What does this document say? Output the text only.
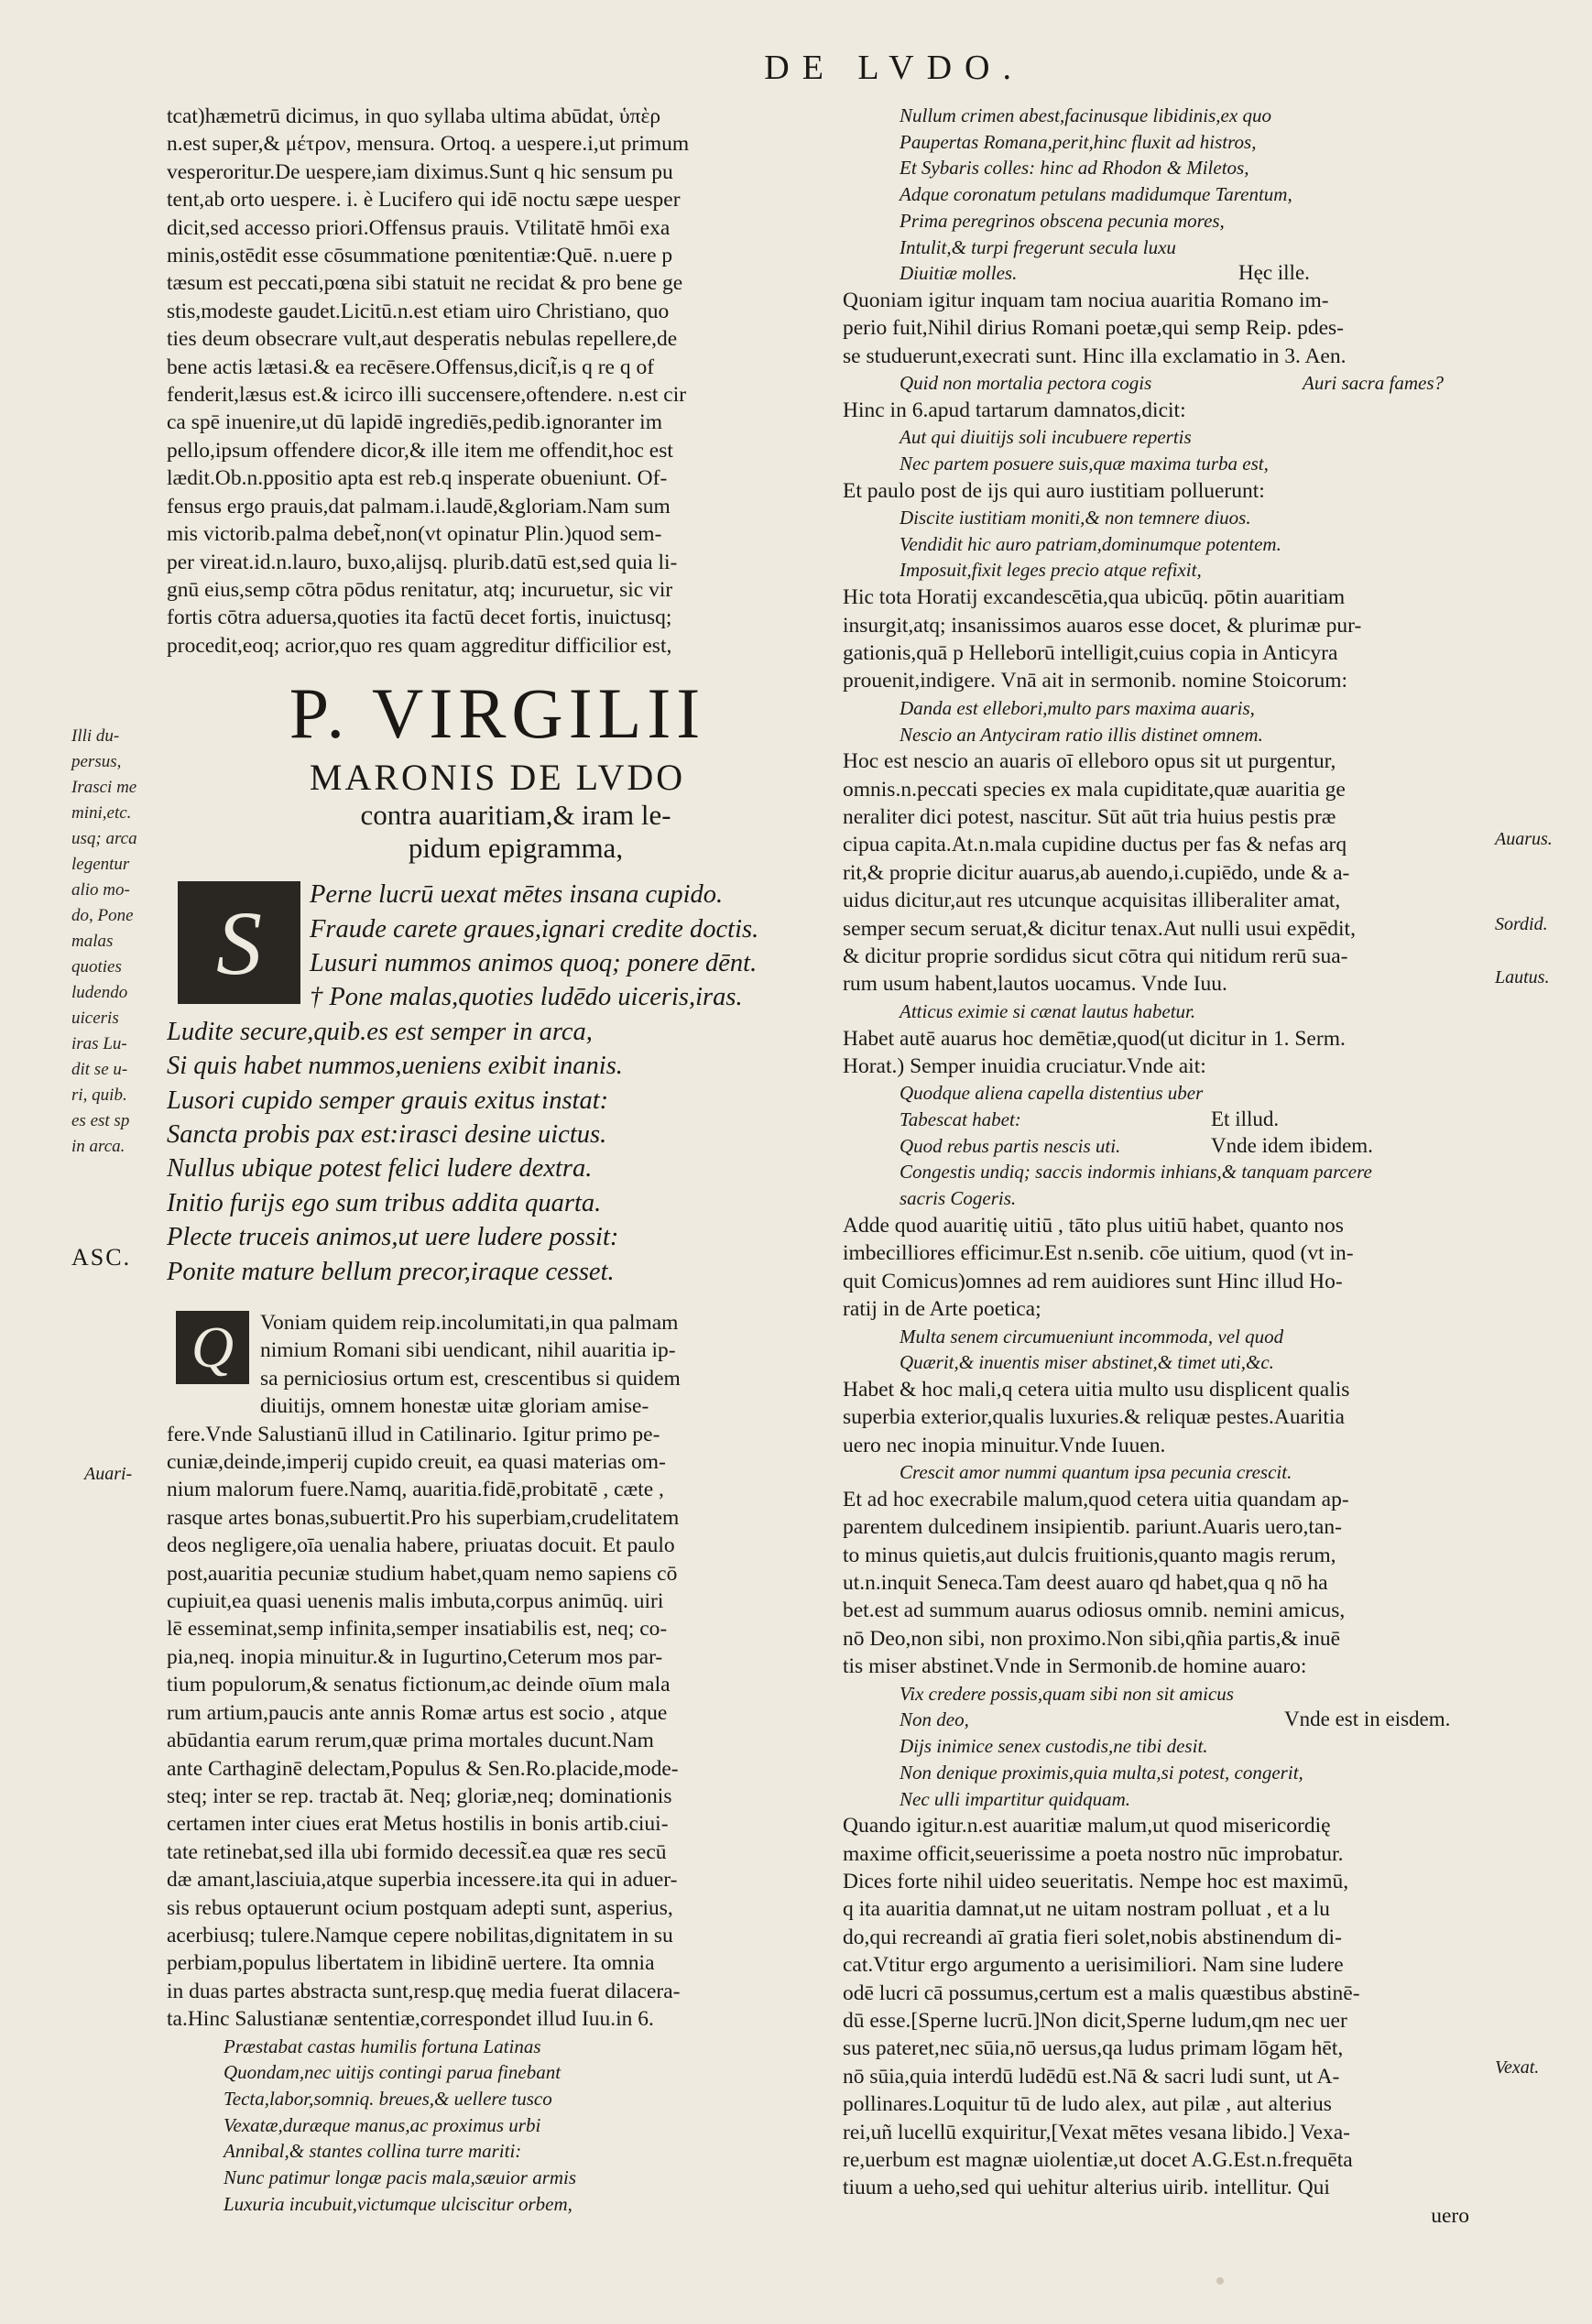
DE LVDO.
Illi du-
persus,
Irasci me
mini,etc.
usq; arca
legentur
alio mo-
do, Pone
malas
quoties
ludendo
uiceris
iras Lu-
dit se u-
ri, quib.
es est sp
in arca.
ASC.
Auari-
Auarus.
Sordid.
Lautus.
Vexat.
tcat)hæmetrū dicimus, in quo syllaba ultima abūdat, ὑπὲρ
n.est super,& μέτρον, mensura. Ortoq. a uespere.i,ut primum
vesperoritur.De uespere,iam diximus.Sunt q hic sensum pu
tent,ab orto uespere. i. è Lucifero qui idē noctu sæpe uesper
dicit,sed accesso priori.Offensus prauis. Vtilitatē hmōi exa
minis,ostēdit esse cōsummatione pœnitentiæ:Quē. n.uere p
tæsum est peccati,pœna sibi statuit ne recidat & pro bene ge
stis,modeste gaudet.Licitū.n.est etiam uiro Christiano, quo
ties deum obsecrare vult,aut desperatis nebulas repellere,de
bene actis lætasi.& ea recēsere.Offensus,dicit̃,is q re q of
fenderit,læsus est.& icirco illi succensere,oftendere. n.est cir
ca spē inuenire,ut dū lapidē ingrediēs,pedib.ignoranter im
pello,ipsum offendere dicor,& ille item me offendit,hoc est
lædit.Ob.n.ppositio apta est reb.q insperate obueniunt. Of-
fensus ergo prauis,dat palmam.i.laudē,&gloriam.Nam sum
mis victorib.palma debet̃,non(vt opinatur Plin.)quod sem-
per vireat.id.n.lauro, buxo,alijsq. plurib.datū est,sed quia li-
gnū eius,semp cōtra pōdus renitatur, atq; incuruetur, sic vir
fortis cōtra aduersa,quoties ita factū decet fortis, inuictusq;
procedit,eoq; acrior,quo res quam aggreditur difficilior est,
P. VIRGILII
MARONIS DE LVDO
contra auaritiam,& iram le-
pidum epigramma,
S	Perne lucrū uexat mētes insana cupido.
Fraude carete graues,ignari credite doctis.
Lusuri nummos animos quoq; ponere dēnt.
† Pone malas,quoties ludēdo uiceris,iras.
Ludite secure,quib.es est semper in arca,
Si quis habet nummos,ueniens exibit inanis.
Lusori cupido semper grauis exitus instat:
Sancta probis pax est:irasci desine uictus.
Nullus ubique potest felici ludere dextra.
Initio furijs ego sum tribus addita quarta.
Plecte truceis animos,ut uere ludere possit:
Ponite mature bellum precor,iraque cesset.
Q	Voniam quidem reip.incolumitati,in qua palmam
nimium Romani sibi uendicant, nihil auaritia ip-
sa perniciosius ortum est, crescentibus si quidem
diuitijs, omnem honestæ uitæ gloriam amise-
fere.Vnde Salustianū illud in Catilinario. Igitur primo pe-
cuniæ,deinde,imperij cupido creuit, ea quasi materias om-
nium malorum fuere.Namq, auaritia.fidē,probitatē , cæte ,
rasque artes bonas,subuertit.Pro his superbiam,crudelitatem
deos negligere,oīa uenalia habere, priuatas docuit. Et paulo
post,auaritia pecuniæ studium habet,quam nemo sapiens cō
cupiuit,ea quasi uenenis malis imbuta,corpus animūq. uiri
lē esseminat,semp infinita,semper insatiabilis est, neq; co-
pia,neq. inopia minuitur.& in Iugurtino,Ceterum mos par-
tium populorum,& senatus fictionum,ac deinde oīum mala
rum artium,paucis ante annis Romæ artus est socio , atque
abūdantia earum rerum,quæ prima mortales ducunt.Nam
ante Carthaginē delectam,Populus & Sen.Ro.placide,mode-
steq; inter se rep. tractab āt. Neq; gloriæ,neq; dominationis
certamen inter ciues erat Metus hostilis in bonis artib.ciui-
tate retinebat,sed illa ubi formido decessit̃.ea quæ res secū
dæ amant,lasciuia,atque superbia incessere.ita qui in aduer-
sis rebus optauerunt ocium postquam adepti sunt, asperius,
acerbiusq; tulere.Namque cepere nobilitas,dignitatem in su
perbiam,populus libertatem in libidinē uertere. Ita omnia
in duas partes abstracta sunt,resp.quę media fuerat dilacera-
ta.Hinc Salustianæ sententiæ,correspondet illud Iuu.in 6.
Præstabat castas humilis fortuna Latinas
Quondam,nec uitijs contingi parua finebant
Tecta,labor,somniq. breues,& uellere tusco
Vexatæ,duræque manus,ac proximus urbi
Annibal,& stantes collina turre mariti:
Nunc patimur longæ pacis mala,sæuior armis
Luxuria incubuit,victumque ulciscitur orbem,
Nullum crimen abest,facinusque libidinis,ex quo
Paupertas Romana,perit,hinc fluxit ad histros,
Et Sybaris colles: hinc ad Rhodon & Miletos,
Adque coronatum petulans madidumque Tarentum,
Prima peregrinos obscena pecunia mores,
Intulit,& turpi fregerunt secula luxu
Diuitiæ molles.	Hęc ille.
Quoniam igitur inquam tam nociua auaritia Romano im-
perio fuit,Nihil dirius Romani poetæ,qui semp Reip. pdes-
se studuerunt,execrati sunt. Hinc illa exclamatio in 3. Aen.
Quid non mortalia pectora cogis	Auri sacra fames?
Hinc in 6.apud tartarum damnatos,dicit:
Aut qui diuitijs soli incubuere repertis
Nec partem posuere suis,quæ maxima turba est,
Et paulo post de ijs qui auro iustitiam polluerunt:
Discite iustitiam moniti,& non temnere diuos.
Vendidit hic auro patriam,dominumque potentem.
Imposuit,fixit leges precio atque refixit,
Hic tota Horatij excandescētia,qua ubicūq. pōtin auaritiam
insurgit,atq; insanissimos auaros esse docet, & plurimæ pur-
gationis,quā p Helleborū intelligit,cuius copia in Anticyra
prouenit,indigere. Vnā ait in sermonib. nomine Stoicorum:
Danda est ellebori,multo pars maxima auaris,
Nescio an Antyciram ratio illis distinet omnem.
Hoc est nescio an auaris oī elleboro opus sit ut purgentur,
omnis.n.peccati species ex mala cupiditate,quæ auaritia ge
neraliter dici potest, nascitur. Sūt aūt tria huius pestis præ
cipua capita.At.n.mala cupidine ductus per fas & nefas arq
rit,& proprie dicitur auarus,ab auendo,i.cupiēdo, unde & a-
uidus dicitur,aut res utcunque acquisitas illiberaliter amat,
semper secum seruat,& dicitur tenax.Aut nulli usui expēdit,
& dicitur proprie sordidus sicut cōtra qui nitidum rerū sua-
rum usum habent,lautos uocamus. Vnde Iuu.
Atticus eximie si cænat lautus habetur.
Habet autē auarus hoc demētiæ,quod(ut dicitur in 1. Serm.
Horat.) Semper inuidia cruciatur.Vnde ait:
Quodque aliena capella distentius uber
Tabescat habet:	Et illud.
Quod rebus partis nescis uti.	Vnde idem ibidem.
Congestis undiq; saccis indormis inhians,& tanquam parcere
sacris Cogeris.
Adde quod auaritię uitiū , tāto plus uitiū habet, quanto nos
imbecilliores efficimur.Est n.senib. cōe uitium, quod (vt in-
quit Comicus)omnes ad rem auidiores sunt Hinc illud Ho-
ratij in de Arte poetica;
Multa senem circumueniunt incommoda, vel quod
Quærit,& inuentis miser abstinet,& timet uti,&c.
Habet & hoc mali,q cetera uitia multo usu displicent qualis
superbia exterior,qualis luxuries.& reliquæ pestes.Auaritia
uero nec inopia minuitur.Vnde Iuuen.
Crescit amor nummi quantum ipsa pecunia crescit.
Et ad hoc execrabile malum,quod cetera uitia quandam ap-
parentem dulcedinem insipientib. pariunt.Auaris uero,tan-
to minus quietis,aut dulcis fruitionis,quanto magis rerum,
ut.n.inquit Seneca.Tam deest auaro qd habet,qua q nō ha
bet.est ad summum auarus odiosus omnib. nemini amicus,
nō Deo,non sibi, non proximo.Non sibi,qñia partis,& inuē
tis miser abstinet.Vnde in Sermonib.de homine auaro:
Vix credere possis,quam sibi non sit amicus
Non deo,	Vnde est in eisdem.
Dijs inimice senex custodis,ne tibi desit.
Non denique proximis,quia multa,si potest, congerit,
Nec ulli impartitur quidquam.
Quando igitur.n.est auaritiæ malum,ut quod misericordię
maxime officit,seuerissime a poeta nostro nūc improbatur.
Dices forte nihil uideo seueritatis. Nempe hoc est maximū,
q ita auaritia damnat,ut ne uitam nostram polluat , et a lu
do,qui recreandi aī gratia fieri solet,nobis abstinendum di-
cat.Vtitur ergo argumento a uerisimiliori. Nam sine ludere
odē lucri cā possumus,certum est a malis quæstibus abstinē-
dū esse.[Sperne lucrū.]Non dicit,Sperne ludum,qm nec uer
sus pateret,nec sūia,nō uersus,qa ludus primam lōgam hēt,
nō sūia,quia interdū ludēdū est.Nā & sacri ludi sunt, ut A-
pollinares.Loquitur tū de ludo alex, aut pilæ , aut alterius
rei,uñ lucellū exquiritur,[Vexat mētes vesana libido.] Vexa-
re,uerbum est magnæ uiolentiæ,ut docet A.G.Est.n.frequēta
tiuum a ueho,sed qui uehitur alterius uirib. intellitur. Qui
uero
